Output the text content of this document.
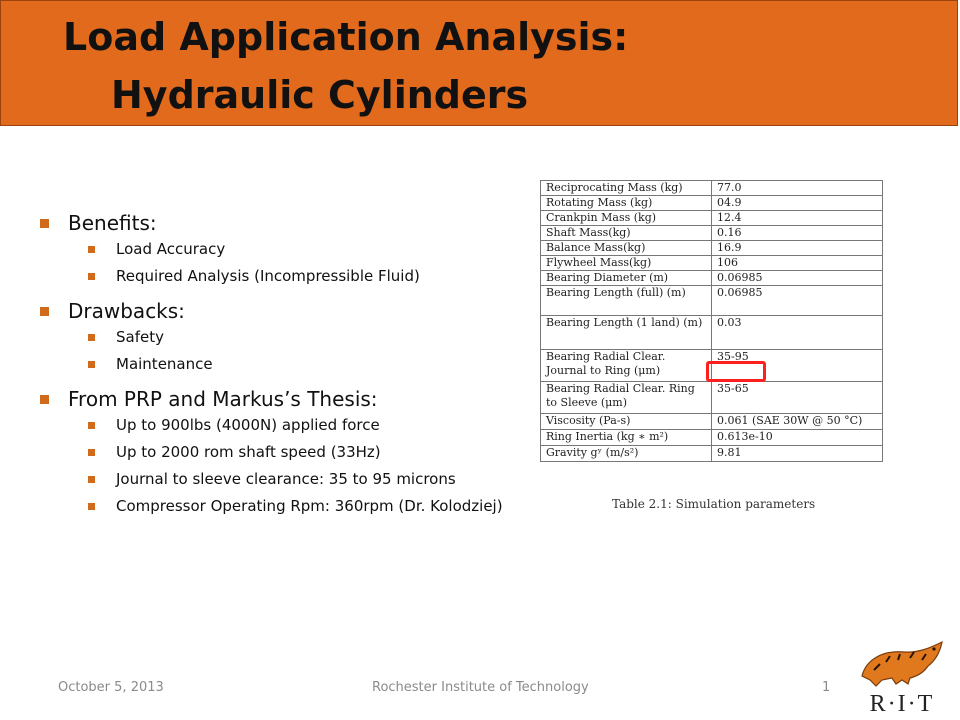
Load Application Analysis:
Hydraulic Cylinders
Benefits:
Load Accuracy
Required Analysis (Incompressible Fluid)
Drawbacks:
Safety
Maintenance
From PRP and Markus’s Thesis:
Up to 900lbs (4000N) applied force
Up to 2000 rom shaft speed (33Hz)
Journal to sleeve clearance: 35 to 95 microns
Compressor Operating Rpm: 360rpm (Dr. Kolodziej)
Reciprocating Mass (kg)	77.0
Rotating Mass (kg)	04.9
Crankpin Mass (kg)	12.4
Shaft Mass(kg)	0.16
Balance Mass(kg)	16.9
Flywheel Mass(kg)	106
Bearing Diameter (m)	0.06985
Bearing Length (full) (m)	0.06985
Bearing Length (1 land) (m)	0.03
Bearing Radial Clear. Journal to Ring (μm)	35-95
Bearing Radial Clear. Ring to Sleeve (μm)	35-65
Viscosity (Pa-s)	0.061 (SAE 30W @ 50 °C)
Ring Inertia (kg ∗ m²)	0.613e-10
Gravity gʸ (m/s²)	9.81
Table 2.1: Simulation parameters
October 5, 2013	Rochester Institute of Technology	1
R·I·T
